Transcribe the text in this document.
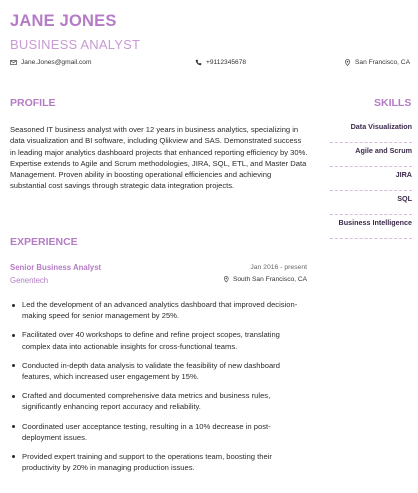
JANE JONES
BUSINESS ANALYST
Jane.Jones@gmail.com	+9112345678	San Francisco, CA
PROFILE	SKILLS

Seasoned IT business analyst with over 12 years in business analytics, specializing in data visualization and BI software, including Qlikview and SAS. Demonstrated success in leading major analytics dashboard projects that enhanced reporting efficiency by 30%. Expertise extends to Agile and Scrum methodologies, JIRA, SQL, ETL, and Master Data Management. Proven ability in boosting operational efficiencies and achieving substantial cost savings through strategic data integration projects.

Data Visualization
Agile and Scrum
JIRA
SQL
Business Intelligence
EXPERIENCE
Senior Business Analyst
Genentech
Jan 2016 - present
South San Francisco, CA
Led the development of an advanced analytics dashboard that improved decision-making speed for senior management by 25%.
Facilitated over 40 workshops to define and refine project scopes, translating complex data into actionable insights for cross-functional teams.
Conducted in-depth data analysis to validate the feasibility of new dashboard features, which increased user engagement by 15%.
Crafted and documented comprehensive data metrics and business rules, significantly enhancing report accuracy and reliability.
Coordinated user acceptance testing, resulting in a 10% decrease in post-deployment issues.
Provided expert training and support to the operations team, boosting their productivity by 20% in managing production issues.
